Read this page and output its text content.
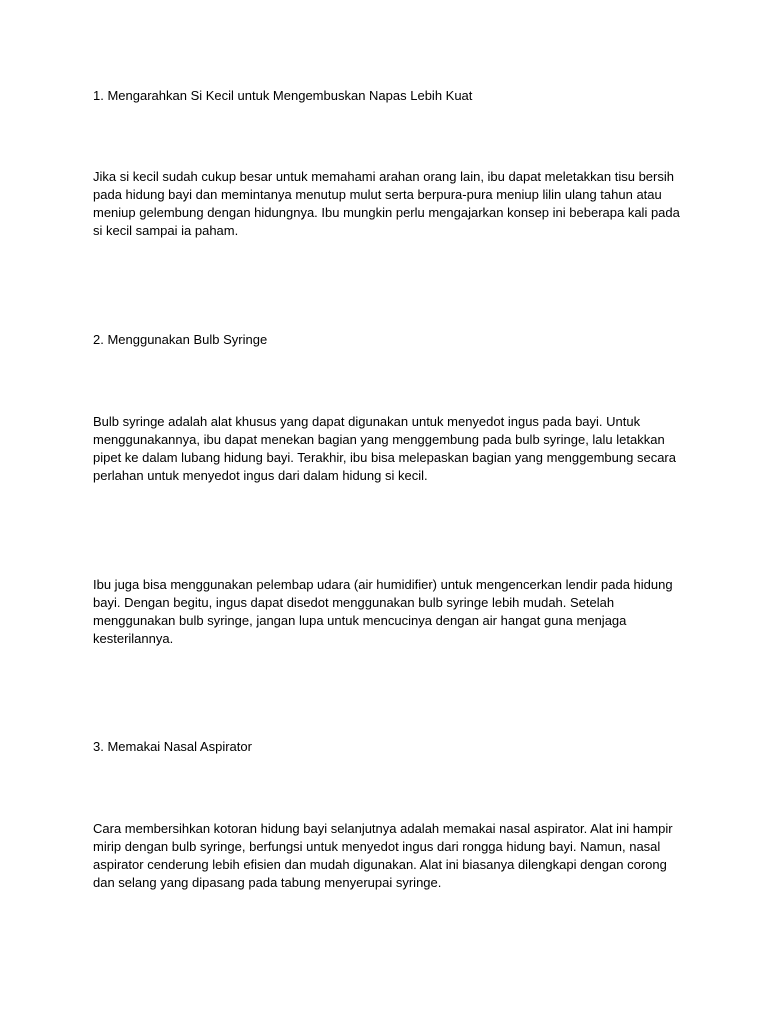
1. Mengarahkan Si Kecil untuk Mengembuskan Napas Lebih Kuat

Jika si kecil sudah cukup besar untuk memahami arahan orang lain, ibu dapat meletakkan tisu bersih pada hidung bayi dan memintanya menutup mulut serta berpura-pura meniup lilin ulang tahun atau meniup gelembung dengan hidungnya. Ibu mungkin perlu mengajarkan konsep ini beberapa kali pada si kecil sampai ia paham.

2. Menggunakan Bulb Syringe

Bulb syringe adalah alat khusus yang dapat digunakan untuk menyedot ingus pada bayi. Untuk menggunakannya, ibu dapat menekan bagian yang menggembung pada bulb syringe, lalu letakkan pipet ke dalam lubang hidung bayi. Terakhir, ibu bisa melepaskan bagian yang menggembung secara perlahan untuk menyedot ingus dari dalam hidung si kecil.

Ibu juga bisa menggunakan pelembap udara (air humidifier) untuk mengencerkan lendir pada hidung bayi. Dengan begitu, ingus dapat disedot menggunakan bulb syringe lebih mudah. Setelah menggunakan bulb syringe, jangan lupa untuk mencucinya dengan air hangat guna menjaga kesterilannya.

3. Memakai Nasal Aspirator

Cara membersihkan kotoran hidung bayi selanjutnya adalah memakai nasal aspirator. Alat ini hampir mirip dengan bulb syringe, berfungsi untuk menyedot ingus dari rongga hidung bayi. Namun, nasal aspirator cenderung lebih efisien dan mudah digunakan. Alat ini biasanya dilengkapi dengan corong dan selang yang dipasang pada tabung menyerupai syringe.
